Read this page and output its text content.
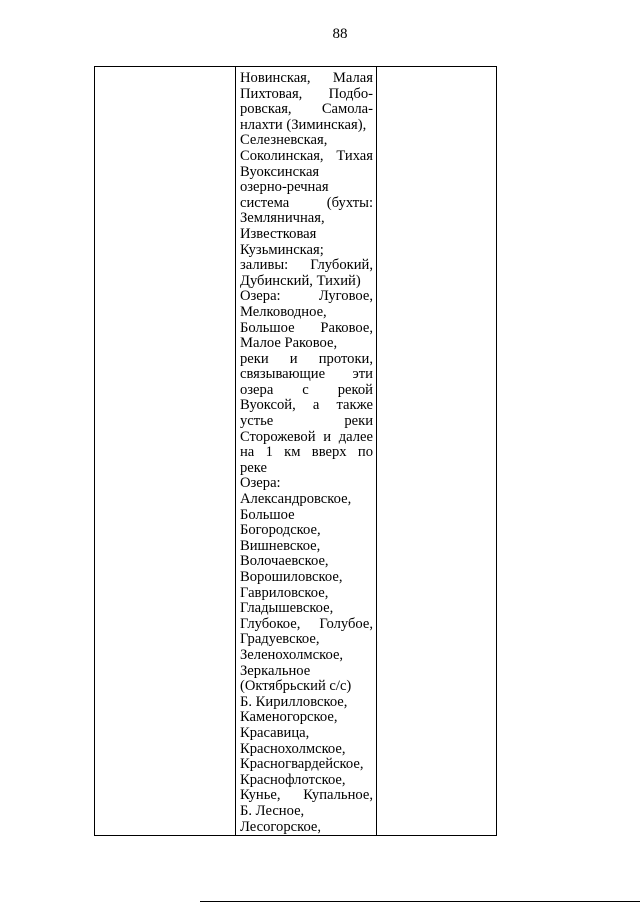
88
Новинская, Малая
Пихтовая, Подбо-
ровская, Самола-
нлахти (Зиминская),
Селезневская,
Соколинская, Тихая
Вуоксинская
озерно-речная
система (бухты:
Земляничная,
Известковая
Кузьминская;
заливы: Глубокий,
Дубинский, Тихий)
Озера: Луговое,
Мелководное,
Большое Раковое,
Малое Раковое,
реки и протоки,
связывающие эти
озера с рекой
Вуоксой, а также
устье реки
Сторожевой и далее
на 1 км вверх по
реке
Озера:
Александровское,
Большое
Богородское,
Вишневское,
Волочаевское,
Ворошиловское,
Гавриловское,
Гладышевское,
Глубокое, Голубое,
Градуевское,
Зеленохолмское,
Зеркальное
(Октябрьский с/с)
Б. Кирилловское,
Каменогорское,
Красавица,
Краснохолмское,
Красногвардейское,
Краснофлотское,
Кунье, Купальное,
Б. Лесное,
Лесогорское,
